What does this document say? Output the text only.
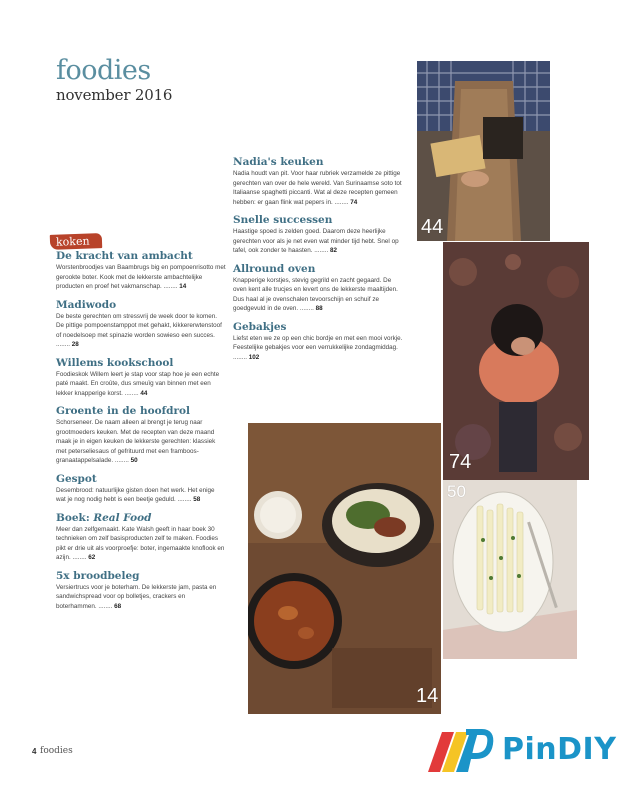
foodies
november 2016
koken

De kracht van ambacht

Worstenbroodjes van Baambrugs big en pompoenrisotto met gerookte boter. Kook met de lekkerste ambachtelijke producten en proef het vakmanschap. ........ 14

Madiwodo

De beste gerechten om stressvrij de week door te komen. De pittige pompoenstamppot met gehakt, kikkererwtenstoof of noedelsoep met spinazie worden sowieso een succes. ........ 28

Willems kookschool

Foodieskok Willem leert je stap voor stap hoe je een echte paté maakt. En croûte, dus smeuïg van binnen met een lekker knapperige korst. ........ 44

Groente in de hoofdrol

Schorseneer. De naam alleen al brengt je terug naar grootmoeders keuken. Met de recepten van deze maand maak je in eigen keuken de lekkerste gerechten: klassiek met peterseliesaus of gefrituurd met een framboos-granaatappelsalade. ........ 50

Gespot

Desembrood: natuurlijke gisten doen het werk. Het enige wat je nog nodig hebt is een beetje geduld. ........ 58

Boek: Real Food

Meer dan zelfgemaakt. Kate Walsh geeft in haar boek 30 technieken om zelf basisproducten zelf te maken. Foodies pikt er drie uit als voorproefje: boter, ingemaakte knoflook en azijn. ........ 62

5x broodbeleg

Versiertrucs voor je boterham. De lekkerste jam, pasta en sandwichspread voor op bolletjes, crackers en boterhammen. ........ 68

Nadia's keuken

Nadia houdt van pit. Voor haar rubriek verzamelde ze pittige gerechten van over de hele wereld. Van Surinaamse soto tot Italiaanse spaghetti piccanti. Wat al deze recepten gemeen hebben: er gaan flink wat pepers in. ........ 74

Snelle successen

Haastige spoed is zelden goed. Daarom deze heerlijke gerechten voor als je net even wat minder tijd hebt. Snel op tafel, ook zonder te haasten. ........ 82

Allround oven

Knapperige korstjes, stevig gegrild en zacht gegaard. De oven kent alle trucjes en levert ons de lekkerste maaltijden. Dus haal al je ovenschalen tevoorschijn en schuif ze goedgevuld in de oven. ........ 88

Gebakjes

Liefst eten we ze op een chic bordje en met een mooi vorkje. Feestelijke gebakjes voor een verrukkelijke zondagmiddag. ........ 102

44
74
14
50
4 foodies	PinDIY
